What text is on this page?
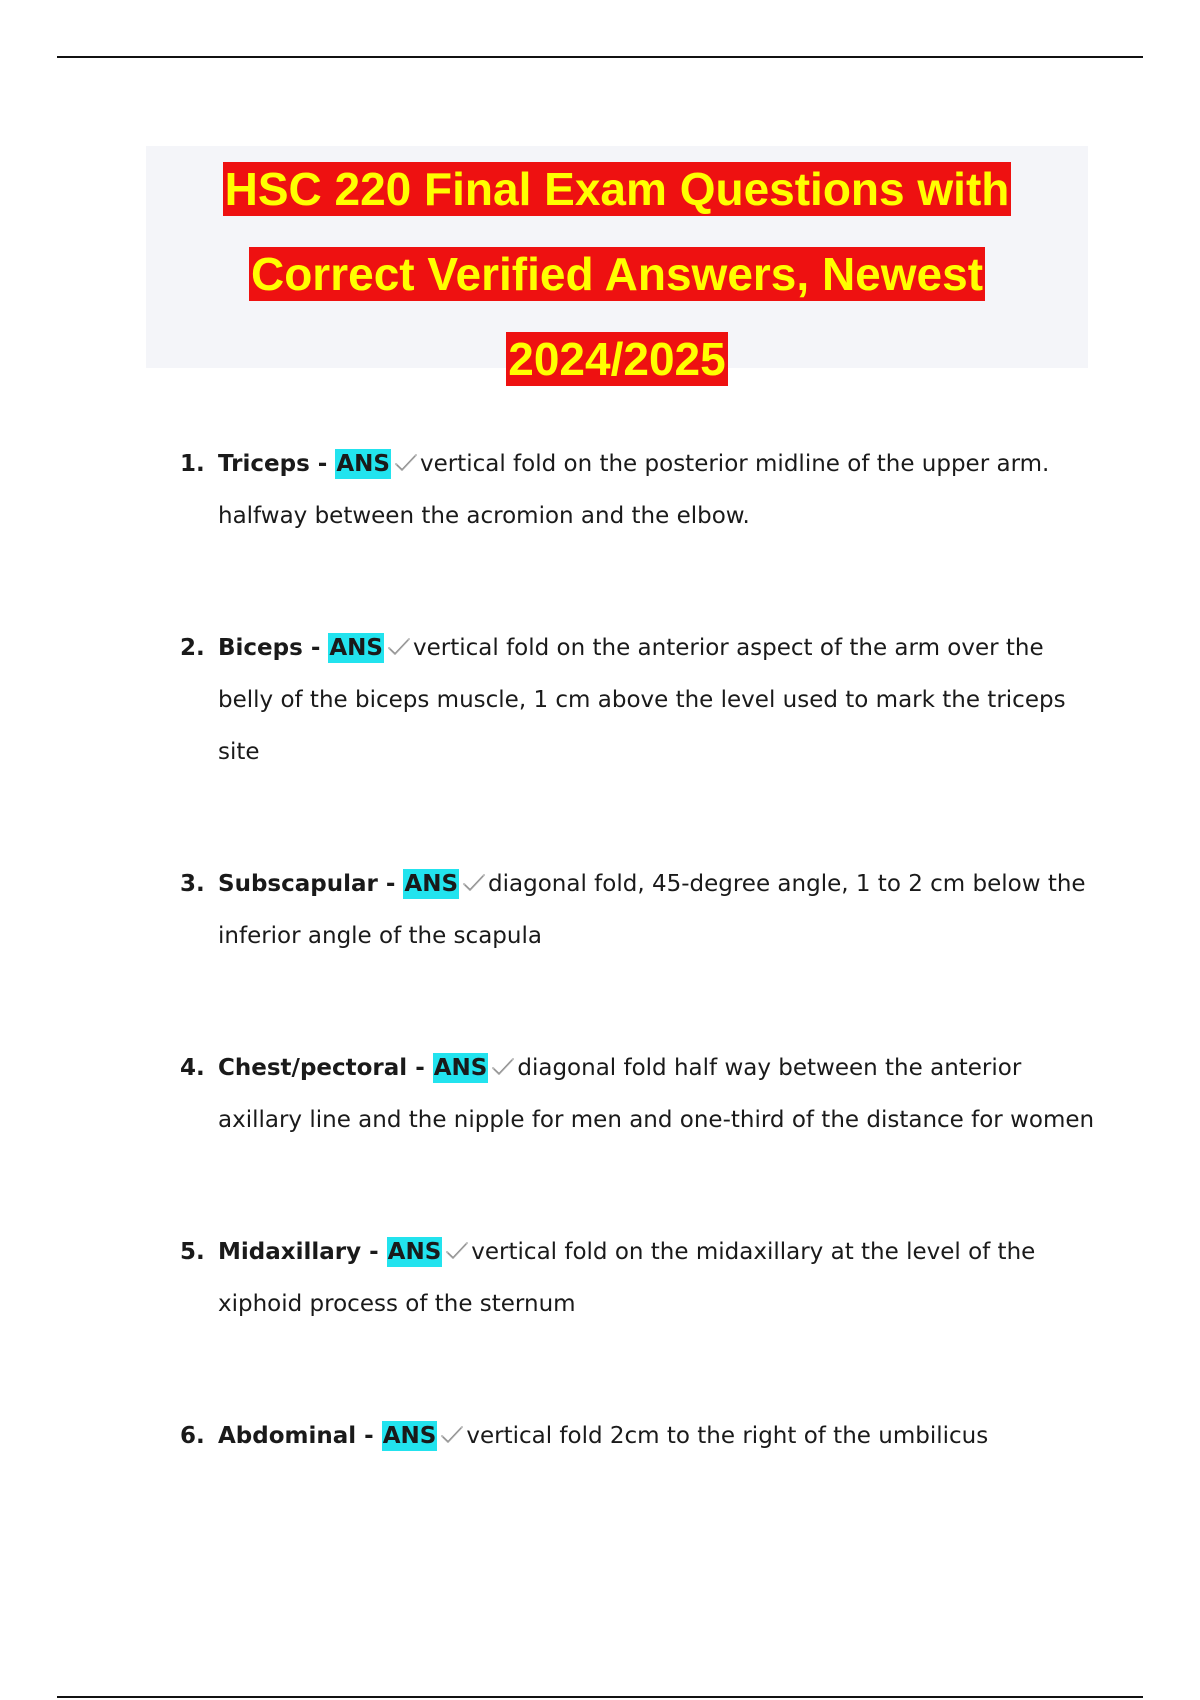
HSC 220 Final Exam Questions with
Correct Verified Answers, Newest
2024/2025
1. Triceps - ANS vertical fold on the posterior midline of the upper arm. halfway between the acromion and the elbow.
2. Biceps - ANS vertical fold on the anterior aspect of the arm over the belly of the biceps muscle, 1 cm above the level used to mark the triceps site
3. Subscapular - ANS diagonal fold, 45-degree angle, 1 to 2 cm below the inferior angle of the scapula
4. Chest/pectoral - ANS diagonal fold half way between the anterior axillary line and the nipple for men and one-third of the distance for women
5. Midaxillary - ANS vertical fold on the midaxillary at the level of the xiphoid process of the sternum
6. Abdominal - ANS vertical fold 2cm to the right of the umbilicus
